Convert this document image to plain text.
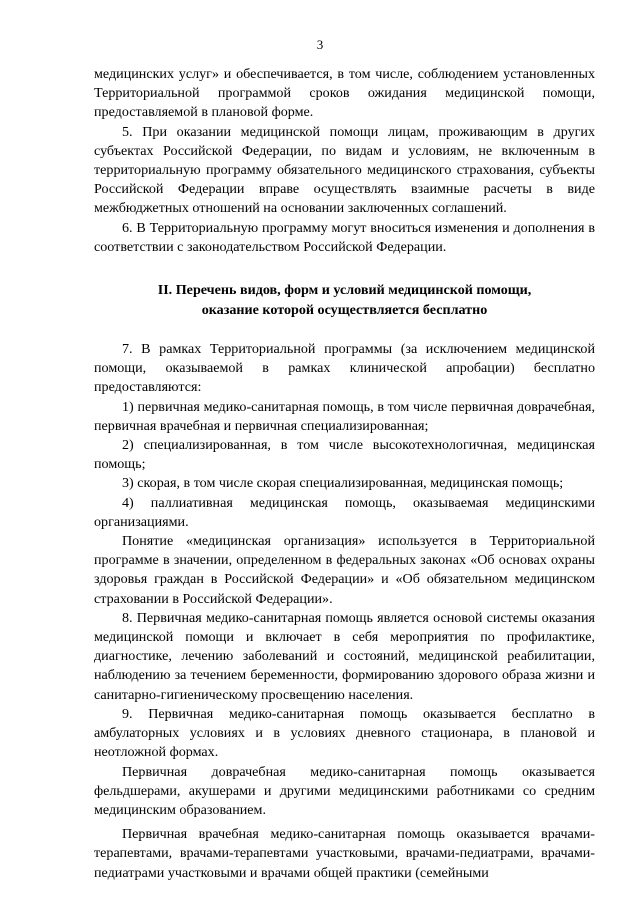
3

медицинских услуг» и обеспечивается, в том числе, соблюдением установленных Территориальной программой сроков ожидания медицинской помощи, предоставляемой в плановой форме.

5. При оказании медицинской помощи лицам, проживающим в других субъектах Российской Федерации, по видам и условиям, не включенным в территориальную программу обязательного медицинского страхования, субъекты Российской Федерации вправе осуществлять взаимные расчеты в виде межбюджетных отношений на основании заключенных соглашений.

6. В Территориальную программу могут вноситься изменения и дополнения в соответствии с законодательством Российской Федерации.

II. Перечень видов, форм и условий медицинской помощи,
оказание которой осуществляется бесплатно

7. В рамках Территориальной программы (за исключением медицинской помощи, оказываемой в рамках клинической апробации) бесплатно предоставляются:

1) первичная медико-санитарная помощь, в том числе первичная доврачебная, первичная врачебная и первичная специализированная;

2) специализированная, в том числе высокотехнологичная, медицинская помощь;

3) скорая, в том числе скорая специализированная, медицинская помощь;

4) паллиативная медицинская помощь, оказываемая медицинскими организациями.

Понятие «медицинская организация» используется в Территориальной программе в значении, определенном в федеральных законах «Об основах охраны здоровья граждан в Российской Федерации» и «Об обязательном медицинском страховании в Российской Федерации».

8. Первичная медико-санитарная помощь является основой системы оказания медицинской помощи и включает в себя мероприятия по профилактике, диагностике, лечению заболеваний и состояний, медицинской реабилитации, наблюдению за течением беременности, формированию здорового образа жизни и санитарно-гигиеническому просвещению населения.

9. Первичная медико-санитарная помощь оказывается бесплатно в амбулаторных условиях и в условиях дневного стационара, в плановой и неотложной формах.

Первичная доврачебная медико-санитарная помощь оказывается фельдшерами, акушерами и другими медицинскими работниками со средним медицинским образованием.

Первичная врачебная медико-санитарная помощь оказывается врачами-терапевтами, врачами-терапевтами участковыми, врачами-педиатрами, врачами-педиатрами участковыми и врачами общей практики (семейными
